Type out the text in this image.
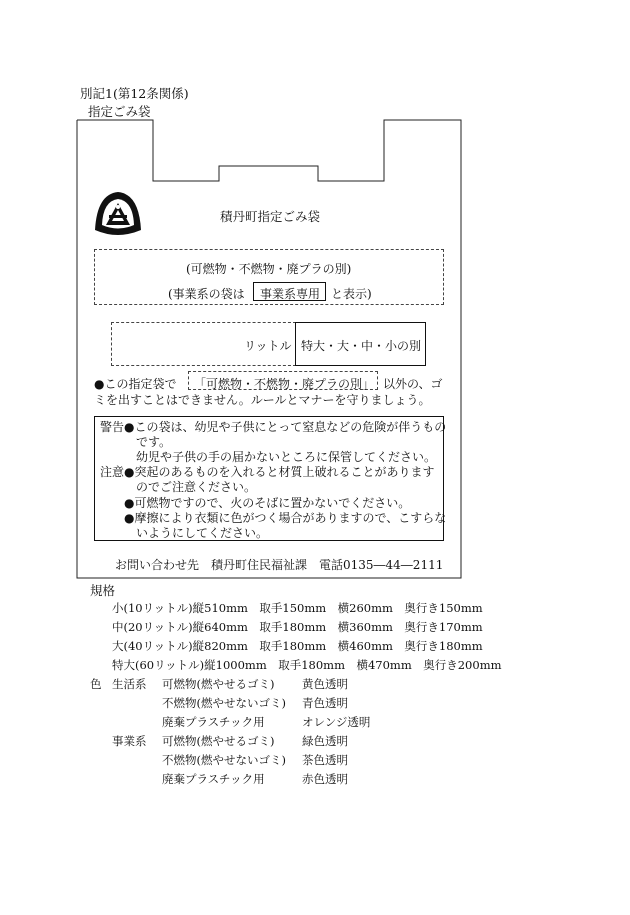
別記1(第12条関係)
指定ごみ袋
積丹町指定ごみ袋
(可燃物・不燃物・廃プラの別)
(事業系の袋は 事業系専用 と表示)
リットル 特大・大・中・小の別
●この指定袋で 「可燃物・不燃物・廃プラの別」 以外の、ゴ
ミを出すことはできません。ルールとマナーを守りましょう。
警告 ●この袋は、幼児や子供にとって窒息などの危険が伴うもの
です。
幼児や子供の手の届かないところに保管してください。
注意 ●突起のあるものを入れると材質上破れることがあります
のでご注意ください。
●可燃物ですので、火のそばに置かないでください。
●摩擦により衣類に色がつく場合がありますので、こすらな
いようにしてください。
お問い合わせ先　積丹町住民福祉課　電話0135―44―2111
規格
小(10リットル)縦510mm　取手150mm　横260mm　奥行き150mm
中(20リットル)縦640mm　取手180mm　横360mm　奥行き170mm
大(40リットル)縦820mm　取手180mm　横460mm　奥行き180mm
特大(60リットル)縦1000mm　取手180mm　横470mm　奥行き200mm
色 生活系 可燃物(燃やせるゴミ) 黄色透明
不燃物(燃やせないゴミ) 青色透明
廃棄プラスチック用	オレンジ透明
事業系 可燃物(燃やせるゴミ) 緑色透明
不燃物(燃やせないゴミ) 茶色透明
廃棄プラスチック用	赤色透明
